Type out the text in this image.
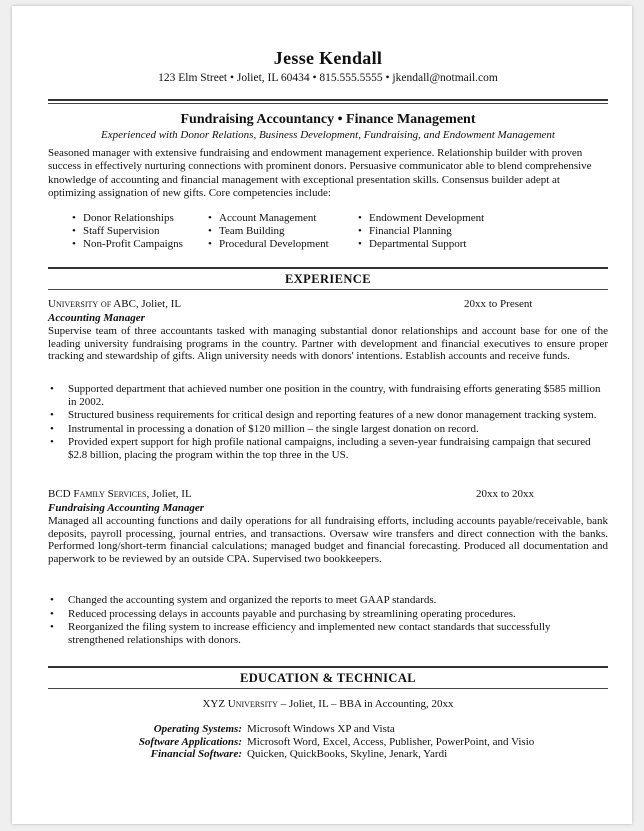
Jesse Kendall
123 Elm Street • Joliet, IL 60434 • 815.555.5555 • jkendall@notmail.com
Fundraising Accountancy • Finance Management
Experienced with Donor Relations, Business Development, Fundraising, and Endowment Management
Seasoned manager with extensive fundraising and endowment management experience. Relationship builder with proven success in effectively nurturing connections with prominent donors. Persuasive communicator able to blend comprehensive knowledge of accounting and financial management with exceptional presentation skills. Consensus builder adept at optimizing assignation of new gifts. Core competencies include:
• Donor Relationships
• Staff Supervision
• Non-Profit Campaigns
• Account Management
• Team Building
• Procedural Development
• Endowment Development
• Financial Planning
• Departmental Support
EXPERIENCE
University of ABC, Joliet, IL	20xx to Present
Accounting Manager
Supervise team of three accountants tasked with managing substantial donor relationships and account base for one of the leading university fundraising programs in the country. Partner with development and financial executives to ensure proper tracking and stewardship of gifts. Align university needs with donors' intentions. Establish accounts and receive funds.
• Supported department that achieved number one position in the country, with fundraising efforts generating $585 million in 2002.
• Structured business requirements for critical design and reporting features of a new donor management tracking system.
• Instrumental in processing a donation of $120 million – the single largest donation on record.
• Provided expert support for high profile national campaigns, including a seven-year fundraising campaign that secured $2.8 billion, placing the program within the top three in the US.
BCD Family Services, Joliet, IL	20xx to 20xx
Fundraising Accounting Manager
Managed all accounting functions and daily operations for all fundraising efforts, including accounts payable/receivable, bank deposits, payroll processing, journal entries, and transactions. Oversaw wire transfers and direct connection with the banks. Performed long/short-term financial calculations; managed budget and financial forecasting. Produced all documentation and paperwork to be reviewed by an outside CPA. Supervised two bookkeepers.
• Changed the accounting system and organized the reports to meet GAAP standards.
• Reduced processing delays in accounts payable and purchasing by streamlining operating procedures.
• Reorganized the filing system to increase efficiency and implemented new contact standards that successfully strengthened relationships with donors.
EDUCATION & TECHNICAL
XYZ University – Joliet, IL – BBA in Accounting, 20xx
Operating Systems: Microsoft Windows XP and Vista
Software Applications: Microsoft Word, Excel, Access, Publisher, PowerPoint, and Visio
Financial Software: Quicken, QuickBooks, Skyline, Jenark, Yardi
